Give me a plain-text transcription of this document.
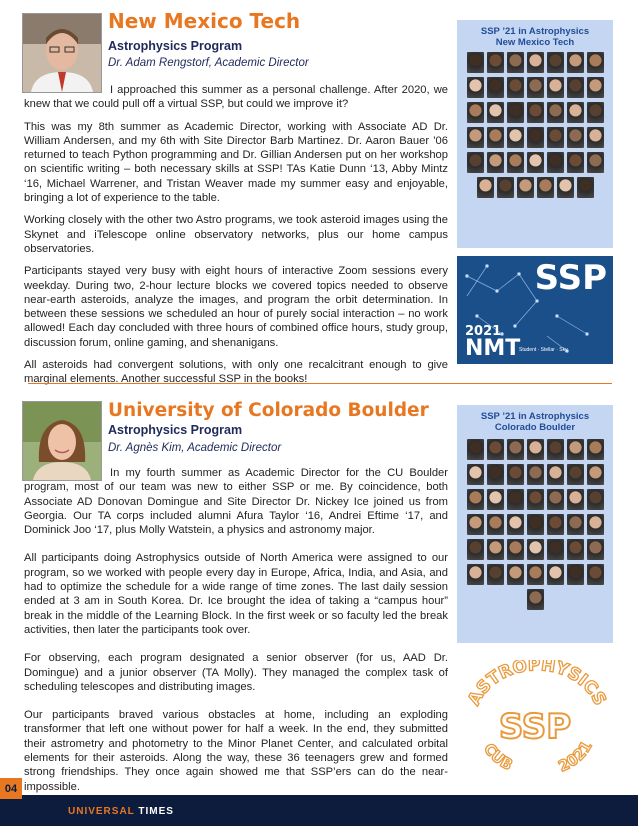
New Mexico Tech
Astrophysics Program
Dr. Adam Rengstorf, Academic Director

I approached this summer as a personal challenge. After 2020, we knew that we could pull off a virtual SSP, but could we improve it?

This was my 8th summer as Academic Director, working with Associate AD Dr. William Andersen, and my 6th with Site Director Barb Martinez. Dr. Aaron Bauer ’06 returned to teach Python programming and Dr. Gillian Andersen put on her workshop on scientific writing – both necessary skills at SSP! TAs Katie Dunn ‘13, Abby Mintz ‘16, Michael Warrener, and Tristan Weaver made my summer easy and enjoyable, bringing a lot of experience to the table.

Working closely with the other two Astro programs, we took asteroid images using the Skynet and iTelescope online observatory networks, plus our home campus observatories.

Participants stayed very busy with eight hours of interactive Zoom sessions every weekday. During two, 2-hour lecture blocks we covered topics needed to observe near-earth asteroids, analyze the images, and program the orbit determination. In between these sessions we scheduled an hour of purely social interaction – no work allowed! Each day concluded with three hours of combined office hours, study group, discussion forum, online gaming, and shenanigans.

All asteroids had convergent solutions, with only one recalcitrant enough to give marginal elements. Another successful SSP in the books!

SSP ’21 in Astrophysics
New Mexico Tech
SSP
2021
NMT
Student · Stellar · Sky
University of Colorado Boulder
Astrophysics Program
Dr. Agnès Kim, Academic Director

In my fourth summer as Academic Director for the CU Boulder program, most of our team was new to either SSP or me. By coincidence, both Associate AD Donovan Domingue and Site Director Dr. Nickey Ice joined us from Georgia. Our TA corps included alumni Afura Taylor ‘16, Andrei Eftime ‘17, and Dominick Joo ‘17, plus Molly Watstein, a physics and astronomy major.

All participants doing Astrophysics outside of North America were assigned to our program, so we worked with people every day in Europe, Africa, India, and Asia, and had to optimize the schedule for a wide range of time zones. The last daily session ended at 3 am in South Korea. Dr. Ice brought the idea of taking a “campus hour” break in the middle of the Learning Block. In the first week or so faculty led the break activities, then later the participants took over.

For observing, each program designated a senior observer (for us, AAD Dr. Domingue) and a junior observer (TA Molly). They managed the complex task of scheduling telescopes and distributing images.

Our participants braved various obstacles at home, including an exploding transformer that left one without power for half a week. In the end, they submitted their astrometry and photometry to the Minor Planet Center, and calculated orbital elements for their asteroids. Along the way, these 36 teenagers grew and formed strong friendships. They once again showed me that SSP’ers can do the near-impossible.

SSP ’21 in Astrophysics
Colorado Boulder
ASTROPHYSICS
CUB	2021
SSP
04
UNIVERSAL TIMES
